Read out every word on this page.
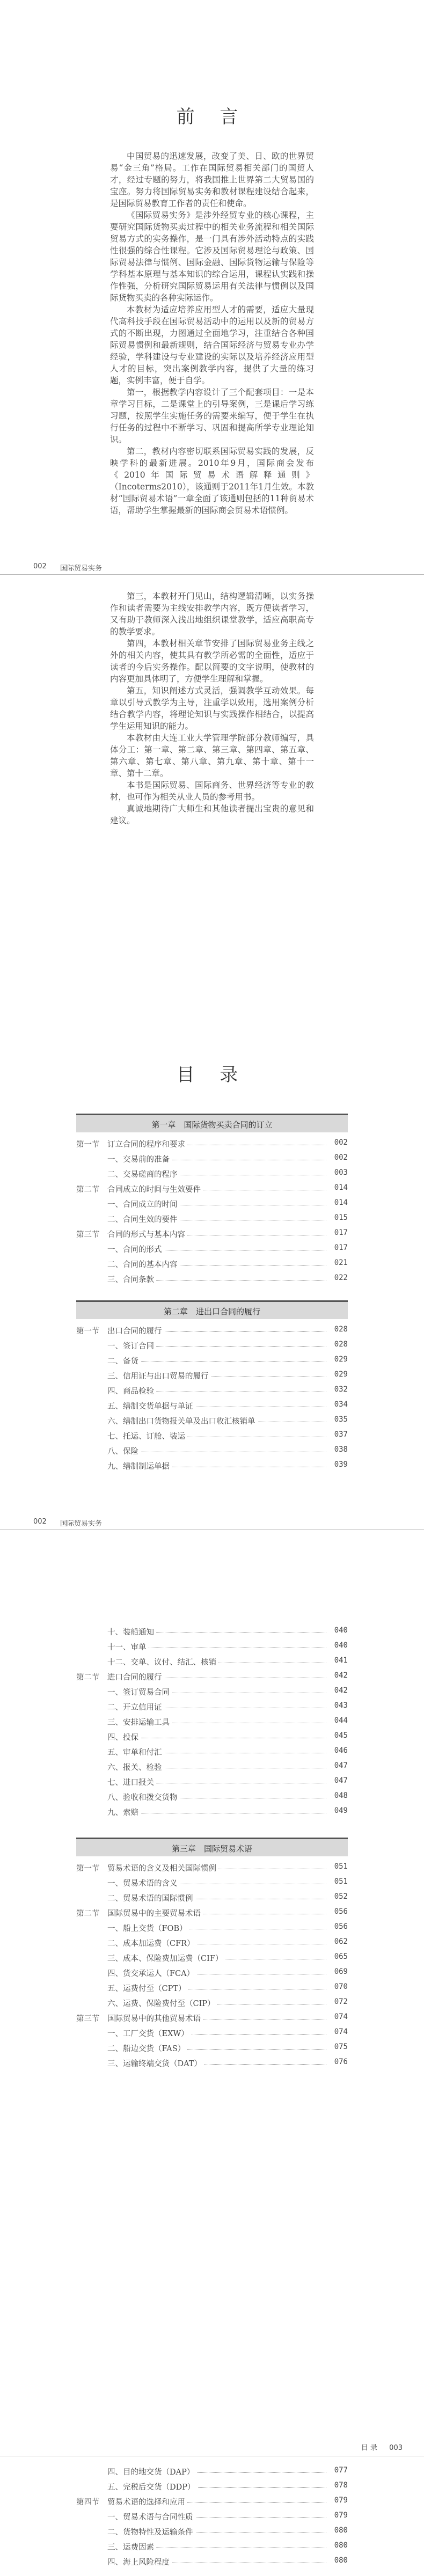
前 言
中国贸易的迅速发展，改变了美、日、欧的世界贸易“金三角”格局。工作在国际贸易相关部门的国贸人才，经过专题的努力，将我国推上世界第二大贸易国的宝座。努力将国际贸易实务和教材课程建设结合起来，是国际贸易教育工作者的责任和使命。
《国际贸易实务》是涉外经贸专业的核心课程，主要研究国际货物买卖过程中的相关业务流程和相关国际贸易方式的实务操作，是一门具有涉外活动特点的实践性很强的综合性课程。它涉及国际贸易理论与政策、国际贸易法律与惯例、国际金融、国际货物运输与保险等学科基本原理与基本知识的综合运用，课程认实践和操作性强，分析研究国际贸易运用有关法律与惯例以及国际货物买卖的各种实际运作。
本教材为适应培养应用型人才的需要，适应大量现代高科技手段在国际贸易活动中的运用以及新的贸易方式的不断出现，力图通过全面地学习，注重结合各种国际贸易惯例和最新规则，结合国际经济与贸易专业办学经验，学科建设与专业建设的实际以及培养经济应用型人才的目标，突出案例教学内容，提供了大量的练习题，实例丰富，便于自学。
第一，根据教学内容设计了三个配套项目：一是本章学习目标，二是课堂上的引导案例，三是课后学习练习题，按照学生实施任务的需要来编写，便于学生在执行任务的过程中不断学习、巩固和提高所学专业理论知识。
第二，教材内容密切联系国际贸易实践的发展，反映学科的最新进展。2010年9月，国际商会发布《2010年国际贸易术语解释通则》（Incoterms2010），该通则于2011年1月生效。本教材“国际贸易术语”一章全面了该通则包括的11种贸易术语，帮助学生掌握最新的国际商会贸易术语惯例。
002 国际贸易实务
第三，本教材开门见山，结构逻辑清晰，以实务操作和读者需要为主线安排教学内容，既方便读者学习，又有助于教师深入浅出地组织课堂教学，适应高职高专的教学要求。
第四，本教材相关章节安排了国际贸易业务主线之外的相关内容，使其具有教学所必需的全面性，适应于读者的今后实务操作。配以简要的文字说明，使教材的内容更加具体明了，方便学生理解和掌握。
第五，知识阐述方式灵活，强调教学互动效果。每章以引导式教学为主导，注重学以致用，选用案例分析结合教学内容，将理论知识与实践操作相结合，以提高学生运用知识的能力。
本教材由大连工业大学管理学院部分教师编写，具体分工：第一章、第二章、第三章、第四章、第五章、第六章、第七章、第八章、第九章、第十章、第十一章、第十二章。
本书是国际贸易、国际商务、世界经济等专业的教材，也可作为相关从业人员的参考用书。
真诚地期待广大师生和其他读者提出宝贵的意见和建议。
目 录
第一章　国际货物买卖合同的订立
第一节　订立合同的程序和要求	002
一、交易前的准备	002
二、交易磋商的程序	003
第二节　合同成立的时间与生效要件	014
一、合同成立的时间	014
二、合同生效的要件	015
第三节　合同的形式与基本内容	017
一、合同的形式	017
二、合同的基本内容	021
三、合同条款	022
第二章　进出口合同的履行
第一节　出口合同的履行	028
一、签订合同	028
二、备货	029
三、信用证与出口贸易的履行	029
四、商品检验	032
五、缮制交货单据与单证	034
六、缮制出口货物报关单及出口收汇核销单	035
七、托运、订舱、装运	037
八、保险	038
九、缮制制运单据	039
002 国际贸易实务
十、装船通知	040
十一、审单	040
十二、交单、议付、结汇、核销	041
第二节　进口合同的履行	042
一、签订贸易合同	042
二、开立信用证	043
三、安排运输工具	044
四、投保	045
五、审单和付汇	046
六、报关、检验	047
七、进口报关	047
八、验收和拨交货物	048
九、索赔	049
第三章　国际贸易术语
第一节　贸易术语的含义及相关国际惯例	051
一、贸易术语的含义	051
二、贸易术语的国际惯例	052
第二节　国际贸易中的主要贸易术语	056
一、船上交货（FOB）	056
二、成本加运费（CFR）	062
三、成本、保险费加运费（CIF）	065
四、货交承运人（FCA）	069
五、运费付至（CPT）	070
六、运费、保险费付至（CIP）	072
第三节　国际贸易中的其他贸易术语	074
一、工厂交货（EXW）	074
二、船边交货（FAS）	075
三、运输终端交货（DAT）	076
目 录 003
四、目的地交货（DAP）	077
五、完税后交货（DDP）	078
第四节　贸易术语的选择和应用	079
一、贸易术语与合同性质	079
二、货物特性及运输条件	080
三、运费因素	080
四、海上风险程度	080
